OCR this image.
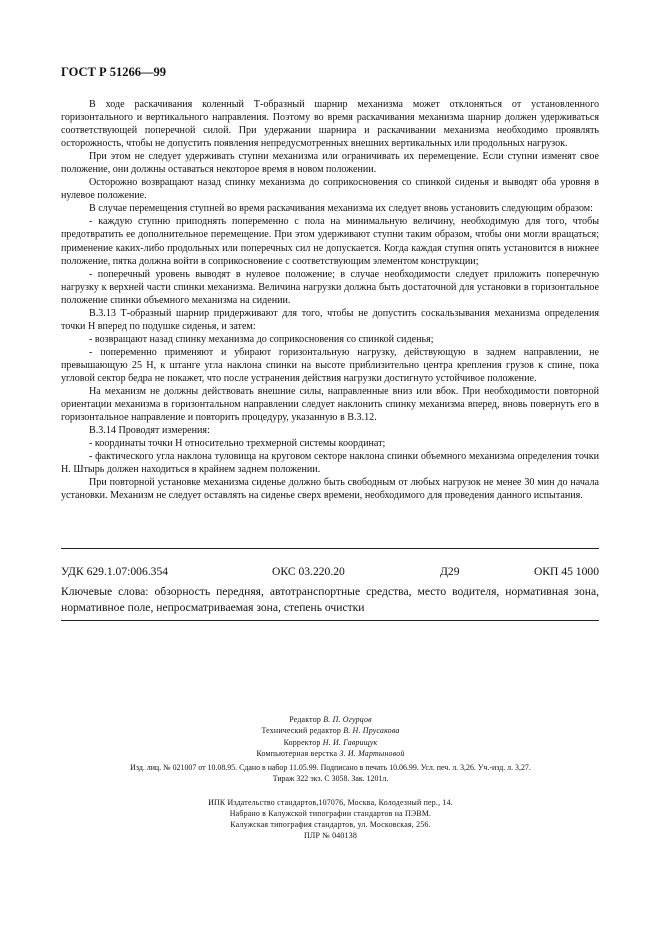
ГОСТ Р 51266—99

В ходе раскачивания коленный Т-образный шарнир механизма может отклоняться от установленного горизонтального и вертикального направления. Поэтому во время раскачивания механизма шарнир должен удерживаться соответствующей поперечной силой. При удержании шарнира и раскачивании механизма необходимо проявлять осторожность, чтобы не допустить появления непредусмотренных внешних вертикальных или продольных нагрузок.

При этом не следует удерживать ступни механизма или ограничивать их перемещение. Если ступни изменят свое положение, они должны оставаться некоторое время в новом положении.

Осторожно возвращают назад спинку механизма до соприкосновения со спинкой сиденья и выводят оба уровня в нулевое положение.

В случае перемещения ступней во время раскачивания механизма их следует вновь установить следующим образом:

- каждую ступню приподнять попеременно с пола на минимальную величину, необходимую для того, чтобы предотвратить ее дополнительное перемещение. При этом удерживают ступни таким образом, чтобы они могли вращаться; применение каких-либо продольных или поперечных сил не допускается. Когда каждая ступня опять установится в нижнее положение, пятка должна войти в соприкосновение с соответствующим элементом конструкции;

- поперечный уровень выводят в нулевое положение; в случае необходимости следует приложить поперечную нагрузку к верхней части спинки механизма. Величина нагрузки должна быть достаточной для установки в горизонтальное положение спинки объемного механизма на сидении.

В.3.13 Т-образный шарнир придерживают для того, чтобы не допустить соскальзывания механизма определения точки H вперед по подушке сиденья, и затем:

- возвращают назад спинку механизма до соприкосновения со спинкой сиденья;

- попеременно применяют и убирают горизонтальную нагрузку, действующую в заднем направлении, не превышающую 25 Н, к штанге угла наклона спинки на высоте приблизительно центра крепления грузов к спине, пока угловой сектор бедра не покажет, что после устранения действия нагрузки достигнуто устойчивое положение.

На механизм не должны действовать внешние силы, направленные вниз или вбок. При необходимости повторной ориентации механизма в горизонтальном направлении следует наклонить спинку механизма вперед, вновь повернуть его в горизонтальное направление и повторить процедуру, указанную в В.3.12.

В.3.14 Проводят измерения:

- координаты точки H относительно трехмерной системы координат;

- фактического угла наклона туловища на круговом секторе наклона спинки объемного механизма определения точки H. Штырь должен находиться в крайнем заднем положении.

При повторной установке механизма сиденье должно быть свободным от любых нагрузок не менее 30 мин до начала установки. Механизм не следует оставлять на сиденье сверх времени, необходимого для проведения данного испытания.

УДК 629.1.07:006.354	ОКС 03.220.20	Д29	ОКП 45 1000
Ключевые слова: обзорность передняя, автотранспортные средства, место водителя, нормативная зона, нормативное поле, непросматриваемая зона, степень очистки
Редактор В. П. Огурцов
Технический редактор В. Н. Прусакова
Корректор Н. И. Гаврищук
Компьютерная верстка З. И. Мартыновой
Изд. лиц. № 021007 от 10.08.95. Сдано в набор 11.05.99. Подписано в печать 10.06.99. Усл. печ. л. 3,26. Уч.-изд. л. 3,27.
Тираж 322 экз. С 3058. Зак. 1201л.
ИПК Издательство стандартов,107076, Москва, Колодезный пер., 14.
Набрано в Калужской типографии стандартов на ПЭВМ.
Калужская типография стандартов, ул. Московская, 256.
ПЛР № 040138
